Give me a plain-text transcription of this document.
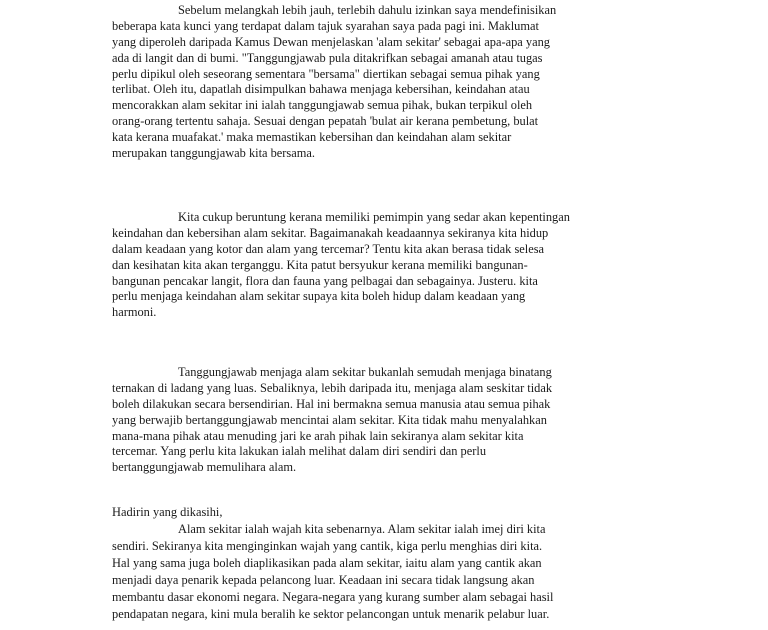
Sebelum melangkah lebih jauh, terlebih dahulu izinkan saya mendefinisikan
beberapa kata kunci yang terdapat dalam tajuk syarahan saya pada pagi ini. Maklumat
yang diperoleh daripada Kamus Dewan menjelaskan 'alam sekitar' sebagai apa-apa yang
ada di langit dan di bumi. "Tanggungjawab pula ditakrifkan sebagai amanah atau tugas
perlu dipikul oleh seseorang sementara "bersama" diertikan sebagai semua pihak yang
terlibat. Oleh itu, dapatlah disimpulkan bahawa menjaga kebersihan, keindahan atau
mencorakkan alam sekitar ini ialah tanggungjawab semua pihak, bukan terpikul oleh
orang-orang tertentu sahaja. Sesuai dengan pepatah 'bulat air kerana pembetung, bulat
kata kerana muafakat.' maka memastikan kebersihan dan keindahan alam sekitar
merupakan tanggungjawab kita bersama.
Kita cukup beruntung kerana memiliki pemimpin yang sedar akan kepentingan
keindahan dan kebersihan alam sekitar. Bagaimanakah keadaannya sekiranya kita hidup
dalam keadaan yang kotor dan alam yang tercemar? Tentu kita akan berasa tidak selesa
dan kesihatan kita akan terganggu. Kita patut bersyukur kerana memiliki bangunan-
bangunan pencakar langit, flora dan fauna yang pelbagai dan sebagainya. Justeru. kita
perlu menjaga keindahan alam sekitar supaya kita boleh hidup dalam keadaan yang
harmoni.
Tanggungjawab menjaga alam sekitar bukanlah semudah menjaga binatang
ternakan di ladang yang luas. Sebaliknya, lebih daripada itu, menjaga alam seskitar tidak
boleh dilakukan secara bersendirian. Hal ini bermakna semua manusia atau semua pihak
yang berwajib bertanggungjawab mencintai alam sekitar. Kita tidak mahu menyalahkan
mana-mana pihak atau menuding jari ke arah pihak lain sekiranya alam sekitar kita
tercemar. Yang perlu kita lakukan ialah melihat dalam diri sendiri dan perlu
bertanggungjawab memulihara alam.
Hadirin yang dikasihi,
Alam sekitar ialah wajah kita sebenarnya. Alam sekitar ialah imej diri kita
sendiri. Sekiranya kita menginginkan wajah yang cantik, kiga perlu menghias diri kita.
Hal yang sama juga boleh diaplikasikan pada alam sekitar, iaitu alam yang cantik akan
menjadi daya penarik kepada pelancong luar. Keadaan ini secara tidak langsung akan
membantu dasar ekonomi negara. Negara-negara yang kurang sumber alam sebagai hasil
pendapatan negara, kini mula beralih ke sektor pelancongan untuk menarik pelabur luar.
